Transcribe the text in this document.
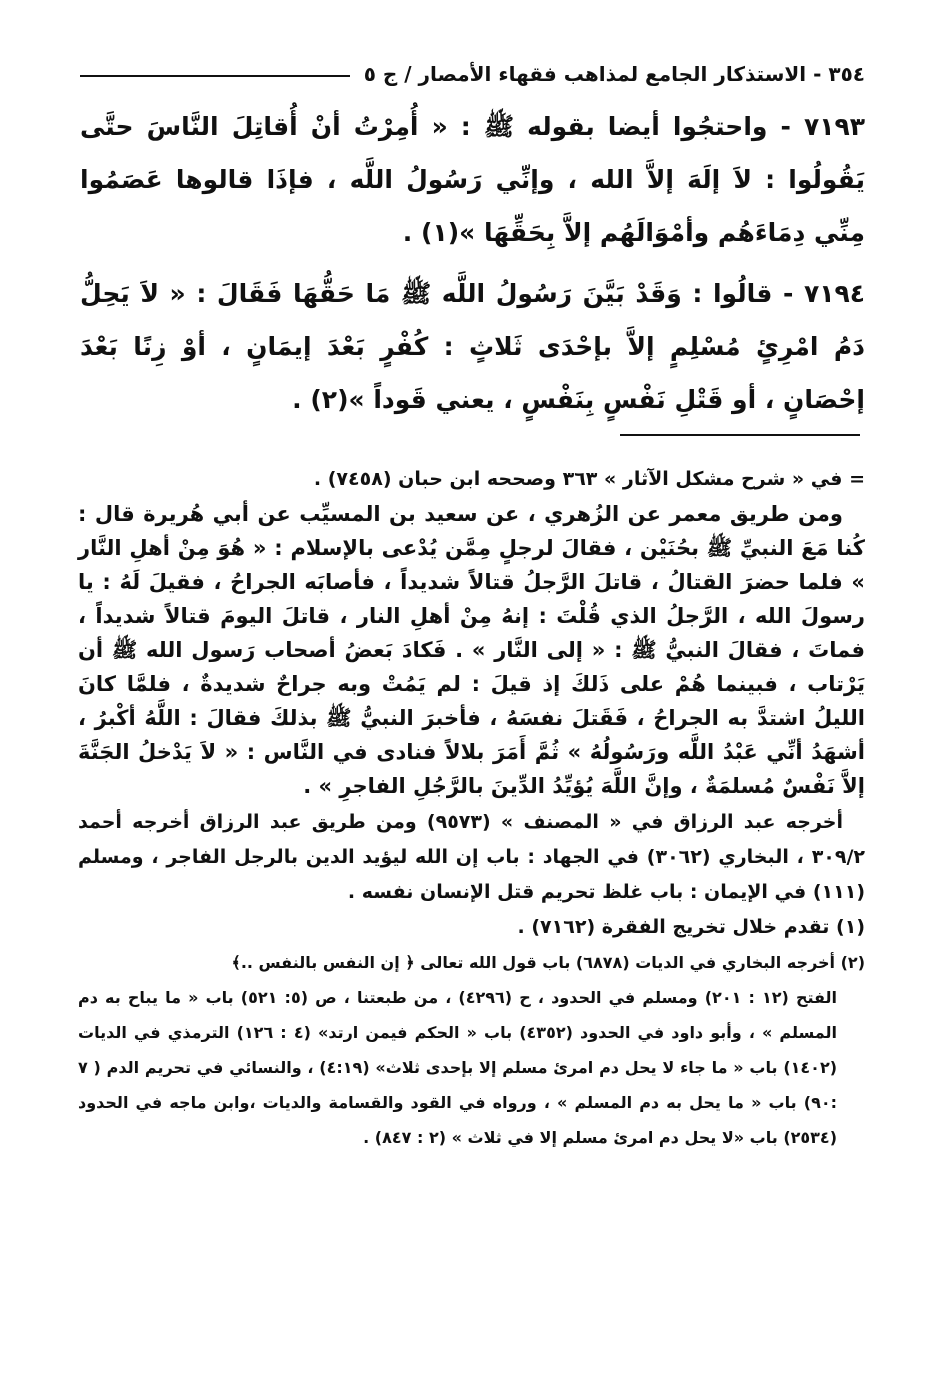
٣٥٤ - الاستذكار الجامع لمذاهب فقهاء الأمصار / ج ٥

٧١٩٣ - واحتجُوا أيضا بقوله ﷺ : « أُمِرْتُ أنْ أُقاتِلَ النَّاسَ حتَّى يَقُولُوا : لاَ إلَهَ إلاَّ الله ، وإنِّي رَسُولُ اللَّه ، فإذَا قالوها عَصَمُوا مِنِّي دِمَاءَهُم وأمْوَالَهُم إلاَّ بِحَقِّهَا »(١) .

٧١٩٤ - قالُوا : وَقَدْ بَيَّنَ رَسُولُ اللَّه ﷺ مَا حَقُّهَا فَقَالَ : « لاَ يَحِلُّ دَمُ امْرِئٍ مُسْلِمٍ إلاَّ بإحْدَى ثَلاثٍ : كُفْرٍ بَعْدَ إيمَانٍ ، أوْ زِنًا بَعْدَ إحْصَانٍ ، أو قَتْلِ نَفْسٍ بِنَفْسٍ ، يعني قَوداً »(٢) .

= في « شرح مشكل الآثار » ٣٦٣ وصححه ابن حبان (٧٤٥٨) .

ومن طريق معمر عن الزُهري ، عن سعيد بن المسيِّب عن أبي هُريرة قال : كُنا مَعَ النبيِّ ﷺ بحُنَيْن ، فقالَ لرجلٍ مِمَّن يُدْعى بالإسلام : « هُوَ مِنْ أهلِ النَّار » فلما حضرَ القتالُ ، قاتلَ الرَّجلُ قتالاً شديداً ، فأصابَه الجراحُ ، فقيلَ لَهُ : يا رسولَ الله ، الرَّجلُ الذي قُلْتَ : إنهُ مِنْ أهلِ النار ، قاتلَ اليومَ قتالاً شديداً ، فماتَ ، فقالَ النبيُّ ﷺ : « إلى النَّار » . فَكادَ بَعضُ أصحاب رَسول الله ﷺ أن يَرْتاب ، فبينما هُمْ على ذَلكَ إذ قيلَ : لم يَمُتْ وبه جراحٌ شديدةٌ ، فلمَّا كانَ الليلُ اشتدَّ به الجراحُ ، فَقَتلَ نفسَهُ ، فأخبرَ النبيُّ ﷺ بذلكَ فقالَ : اللَّهُ أكْبرُ ، أشهَدُ أنِّي عَبْدُ اللَّه ورَسُولُهُ » ثُمَّ أَمَرَ بلالاً فنادى في النَّاس : « لاَ يَدْخلُ الجَنَّةَ إلاَّ نَفْسٌ مُسلمَةٌ ، وإنَّ اللَّهَ يُؤيِّدُ الدِّينَ بالرَّجُلِ الفاجرِ » .

أخرجه عبد الرزاق في « المصنف » (٩٥٧٣) ومن طريق عبد الرزاق أخرجه أحمد ٣٠٩/٢ ، البخاري (٣٠٦٢) في الجهاد : باب إن الله ليؤيد الدين بالرجل الفاجر ، ومسلم (١١١) في الإيمان : باب غلظ تحريم قتل الإنسان نفسه .

(١) تقدم خلال تخريج الفقرة (٧١٦٢) .

(٢) أخرجه البخاري في الديات (٦٨٧٨) باب قول الله تعالى ﴿ إن النفس بالنفس ..﴾

الفتح (١٢ : ٢٠١) ومسلم في الحدود ، ح (٤٢٩٦) ، من طبعتنا ، ص (٥: ٥٢١) باب « ما يباح به دم المسلم » ، وأبو داود في الحدود (٤٣٥٢) باب « الحكم فيمن ارتد» (٤ : ١٢٦) الترمذي في الديات (١٤٠٢) باب « ما جاء لا يحل دم امرئ مسلم إلا بإحدى ثلاث» (٤:١٩) ، والنسائي في تحريم الدم ( ٧ :٩٠) باب « ما يحل به دم المسلم » ، ورواه في القود والقسامة والديات ،وابن ماجه في الحدود (٢٥٣٤) باب «لا يحل دم امرئ مسلم إلا في ثلاث » (٢ : ٨٤٧) .
